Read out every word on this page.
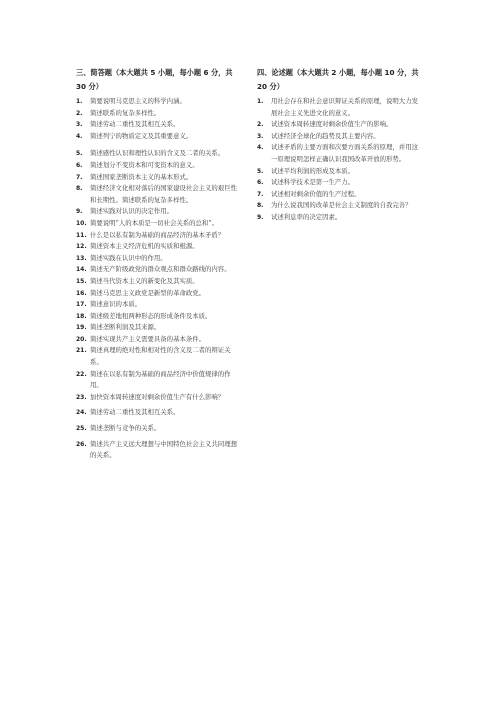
三、简答题（本大题共 5 小题，每小题 6 分，共 30 分）
1. 简要说明马克思主义的科学内涵。
2. 简述联系的复杂多样性。
3. 简述劳动二重性及其相互关系。
4. 简述列宁的物质定义及其重要意义。
5. 简述感性认识和理性认识的含义及二者的关系。
6. 简述划分不变资本和可变资本的意义。
7. 简述国家垄断资本主义的基本形式。
8. 简述经济文化相对落后的国家建设社会主义的艰巨性和长期性。简述联系的复杂多样性。
9. 简述实践对认识的决定作用。
10. 简要说明“人的本质是一切社会关系的总和”。
11. 什么是以私有制为基础的商品经济的基本矛盾？
12. 简述资本主义经济危机的实质和根源。
13. 简述实践在认识中的作用。
14. 简述无产阶级政党的群众观点和群众路线的内容。
15. 简述当代资本主义的新变化及其实质。
16. 简述马克思主义政党是新型的革命政党。
17. 简述意识的本质。
18. 简述级差地租两种形态的形成条件及本质。
19. 简述垄断利润及其来源。
20. 简述实现共产主义需要具备的基本条件。
21. 简述真理的绝对性和相对性的含义及二者的辩证关系。
22. 简述在以私有制为基础的商品经济中价值规律的作用。
23. 加快资本周转速度对剩余价值生产有什么影响？
24. 简述劳动二重性及其相互关系。
25. 简述垄断与竞争的关系。
26. 简述共产主义远大理想与中国特色社会主义共同理想的关系。
四、论述题（本大题共 2 小题，每小题 10 分，共 20 分）
1. 用社会存在和社会意识辩证关系的原理，说明大力发展社会主义先进文化的意义。
2. 试述资本周转速度对剩余价值生产的影响。
3. 试述经济全球化的趋势及其主要内容。
4. 试述矛盾的主要方面和次要方面关系的原理，并用这一原理说明怎样正确认识我国改革开放的形势。
5. 试述平均利润的形成及本质。
6. 试述科学技术是第一生产力。
7. 试述相对剩余价值的生产过程。
8. 为什么说我国的改革是社会主义制度的自我完善？
9. 试述利息率的决定因素。
